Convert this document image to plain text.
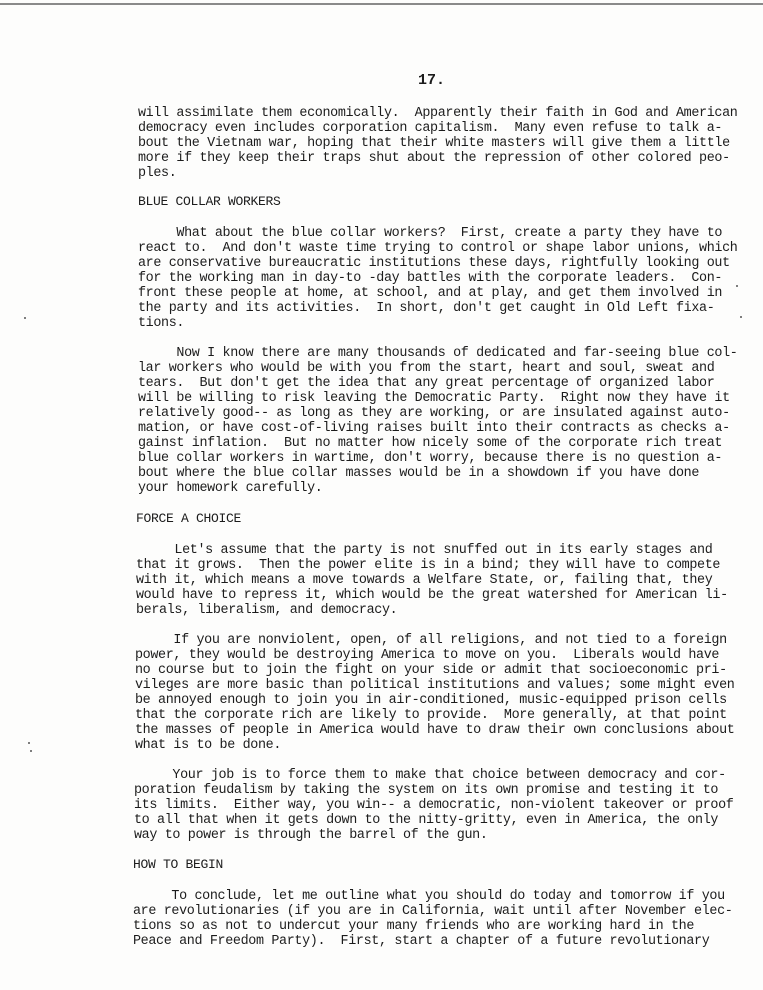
17.
will assimilate them economically.  Apparently their faith in God and American
democracy even includes corporation capitalism.  Many even refuse to talk a-
bout the Vietnam war, hoping that their white masters will give them a little
more if they keep their traps shut about the repression of other colored peo-
ples.
BLUE COLLAR WORKERS
What about the blue collar workers?  First, create a party they have to
react to.  And don't waste time trying to control or shape labor unions, which
are conservative bureaucratic institutions these days, rightfully looking out
for the working man in day-to -day battles with the corporate leaders.  Con-
front these people at home, at school, and at play, and get them involved in
the party and its activities.  In short, don't get caught in Old Left fixa-
tions.
Now I know there are many thousands of dedicated and far-seeing blue col-
lar workers who would be with you from the start, heart and soul, sweat and
tears.  But don't get the idea that any great percentage of organized labor
will be willing to risk leaving the Democratic Party.  Right now they have it
relatively good-- as long as they are working, or are insulated against auto-
mation, or have cost-of-living raises built into their contracts as checks a-
gainst inflation.  But no matter how nicely some of the corporate rich treat
blue collar workers in wartime, don't worry, because there is no question a-
bout where the blue collar masses would be in a showdown if you have done
your homework carefully.
FORCE A CHOICE
Let's assume that the party is not snuffed out in its early stages and
that it grows.  Then the power elite is in a bind; they will have to compete
with it, which means a move towards a Welfare State, or, failing that, they
would have to repress it, which would be the great watershed for American li-
berals, liberalism, and democracy.
If you are nonviolent, open, of all religions, and not tied to a foreign
power, they would be destroying America to move on you.  Liberals would have
no course but to join the fight on your side or admit that socioeconomic pri-
vileges are more basic than political institutions and values; some might even
be annoyed enough to join you in air-conditioned, music-equipped prison cells
that the corporate rich are likely to provide.  More generally, at that point
the masses of people in America would have to draw their own conclusions about
what is to be done.
Your job is to force them to make that choice between democracy and cor-
poration feudalism by taking the system on its own promise and testing it to
its limits.  Either way, you win-- a democratic, non-violent takeover or proof
to all that when it gets down to the nitty-gritty, even in America, the only
way to power is through the barrel of the gun.
HOW TO BEGIN
To conclude, let me outline what you should do today and tomorrow if you
are revolutionaries (if you are in California, wait until after November elec-
tions so as not to undercut your many friends who are working hard in the
Peace and Freedom Party).  First, start a chapter of a future revolutionary
